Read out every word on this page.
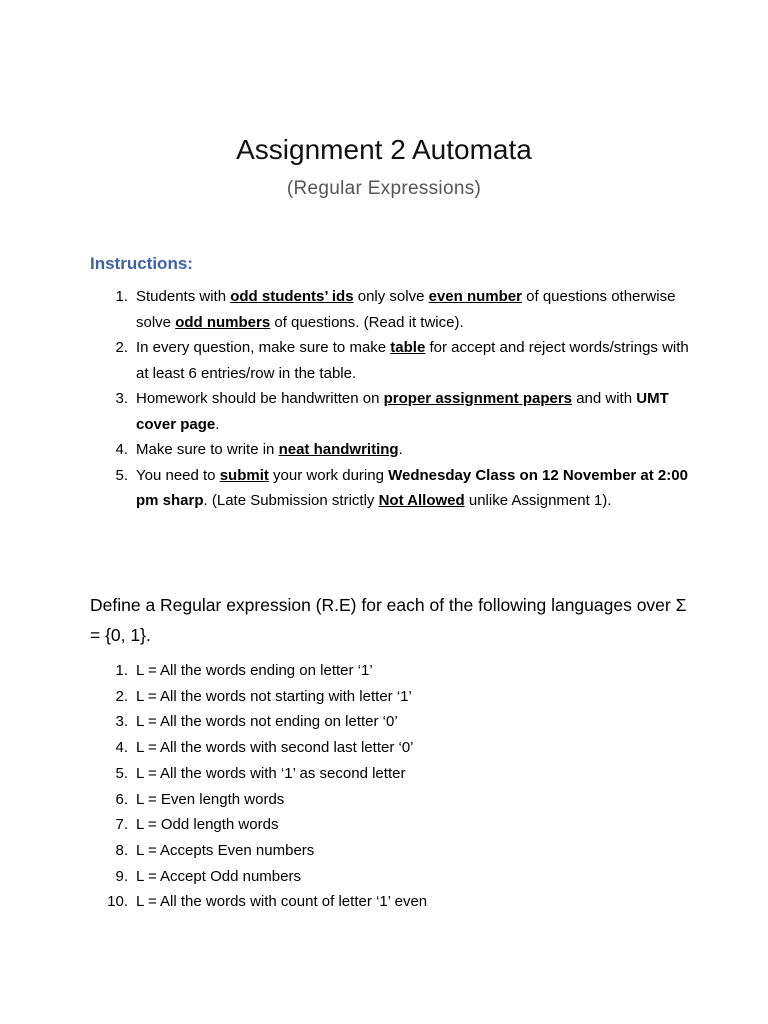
Assignment 2 Automata

(Regular Expressions)

Instructions:
1. Students with odd students’ ids only solve even number of questions otherwise solve odd numbers of questions. (Read it twice).
2. In every question, make sure to make table for accept and reject words/strings with at least 6 entries/row in the table.
3. Homework should be handwritten on proper assignment papers and with UMT cover page.
4. Make sure to write in neat handwriting.
5. You need to submit your work during Wednesday Class on 12 November at 2:00 pm sharp. (Late Submission strictly Not Allowed unlike Assignment 1).

Define a Regular expression (R.E) for each of the following languages over Σ = {0, 1}.

1. L = All the words ending on letter ‘1’
2. L = All the words not starting with letter ‘1’
3. L = All the words not ending on letter ‘0’
4. L = All the words with second last letter ‘0’
5. L = All the words with ‘1’ as second letter
6. L = Even length words
7. L = Odd length words
8. L = Accepts Even numbers
9. L = Accept Odd numbers
10. L = All the words with count of letter ‘1’ even
